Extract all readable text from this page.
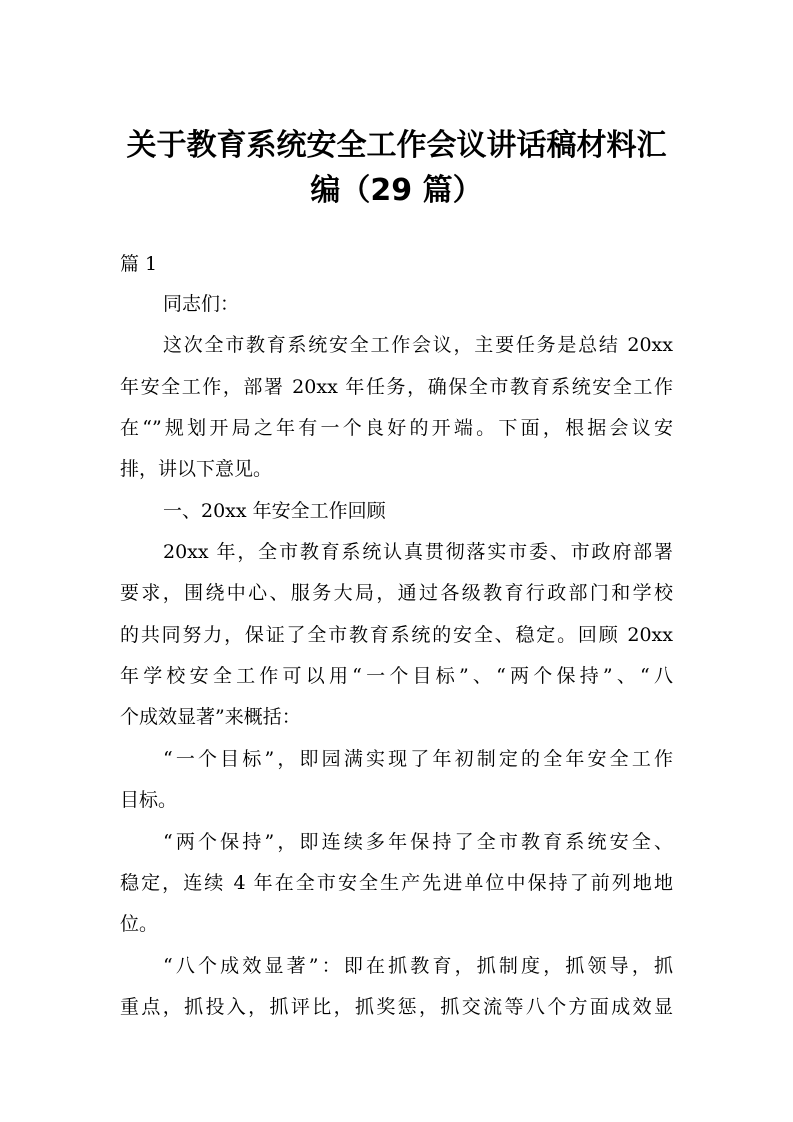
关于教育系统安全工作会议讲话稿材料汇
编（29 篇）

篇 1

同志们：

这次全市教育系统安全工作会议，主要任务是总结 20xx

年安全工作，部署 20xx 年任务，确保全市教育系统安全工作

在“”规划开局之年有一个良好的开端。下面，根据会议安

排，讲以下意见。

一、20xx 年安全工作回顾

20xx 年，全市教育系统认真贯彻落实市委、市政府部署

要求，围绕中心、服务大局，通过各级教育行政部门和学校

的共同努力，保证了全市教育系统的安全、稳定。回顾 20xx

年学校安全工作可以用“一个目标”、“两个保持”、“八

个成效显著”来概括：

“一个目标”，即园满实现了年初制定的全年安全工作

目标。

“两个保持”，即连续多年保持了全市教育系统安全、

稳定，连续 4 年在全市安全生产先进单位中保持了前列地地

位。

“八个成效显著”：即在抓教育，抓制度，抓领导，抓

重点，抓投入，抓评比，抓奖惩，抓交流等八个方面成效显
